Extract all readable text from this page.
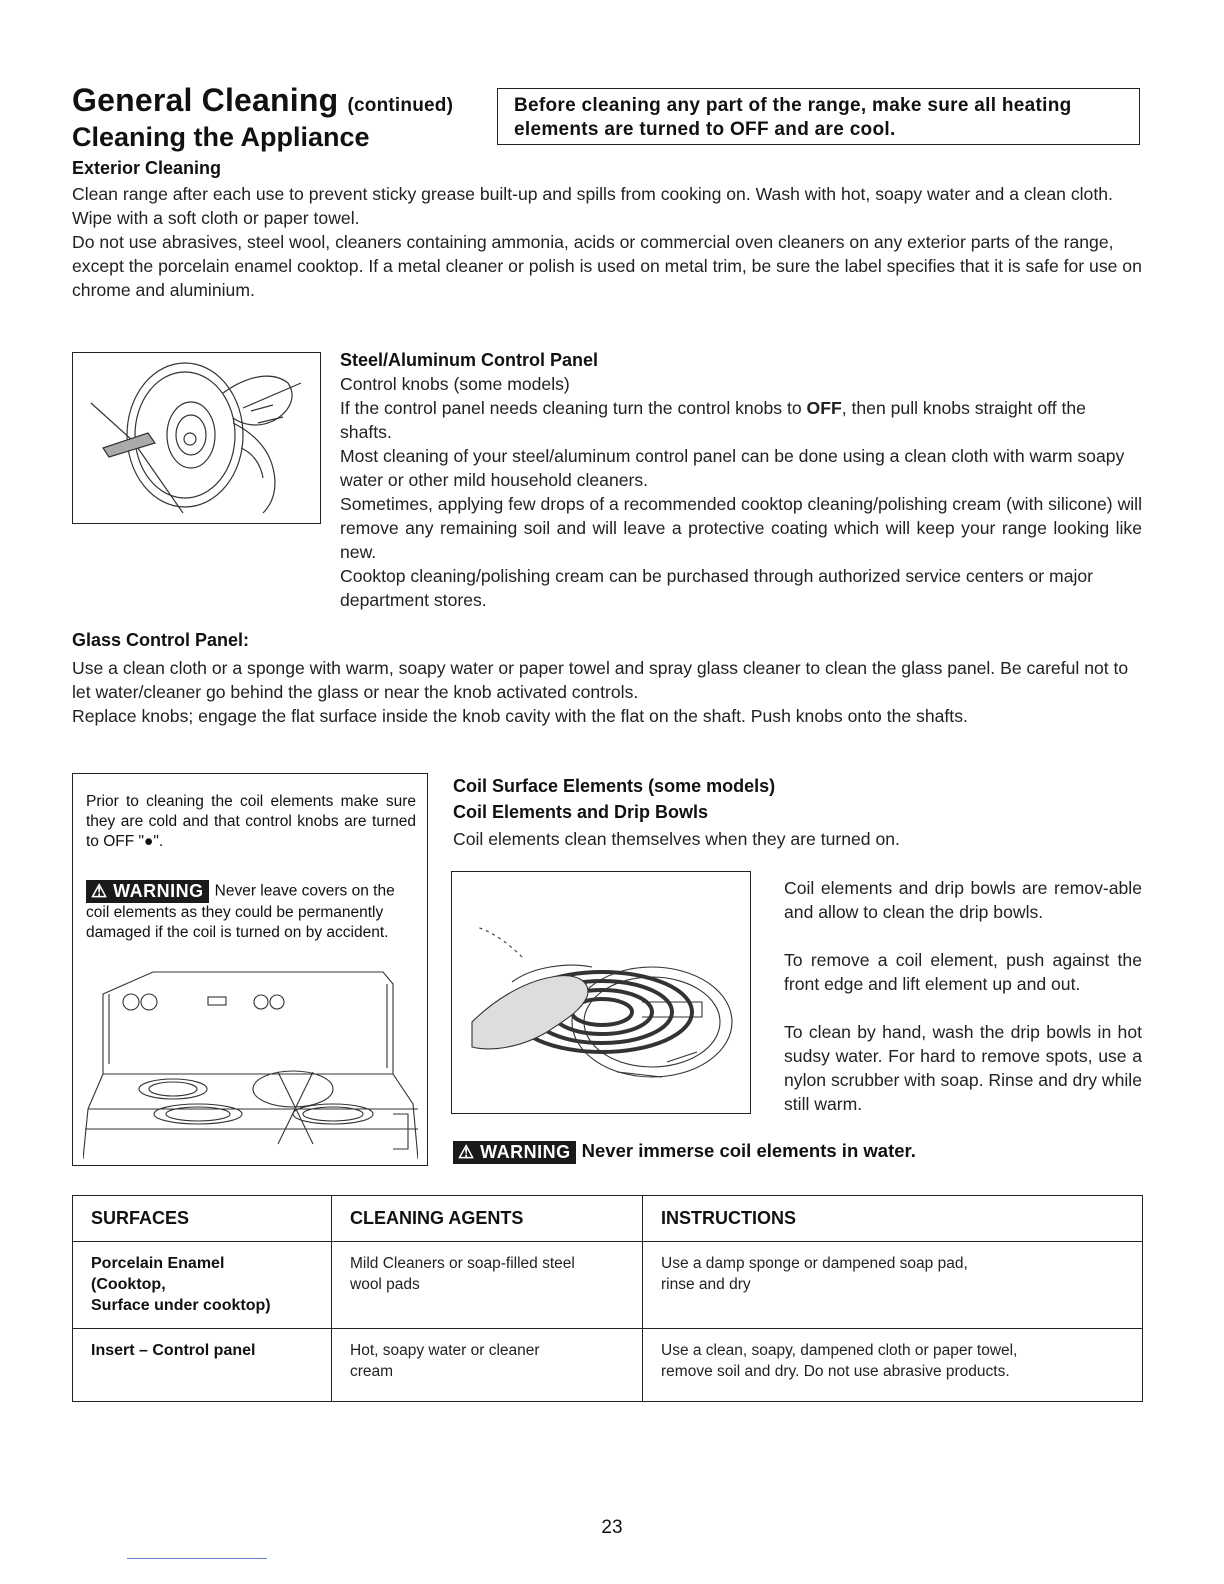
General Cleaning (continued)
Cleaning the Appliance
Before cleaning any part of the range, make sure all heating elements are turned to OFF and are cool.
Exterior Cleaning
Clean range after each use to prevent sticky grease built-up and spills from cooking on. Wash with hot, soapy water and a clean cloth. Wipe with a soft cloth or paper towel.
Do not use abrasives, steel wool, cleaners containing ammonia, acids or commercial oven cleaners on any exterior parts of the range, except the porcelain enamel cooktop. If a metal cleaner or polish is used on metal trim, be sure the label specifies that it is safe for use on chrome and aluminium.
Steel/Aluminum Control Panel
Control knobs (some models)
If the control panel needs cleaning turn the control knobs to OFF, then pull knobs straight off the shafts.
Most cleaning of your steel/aluminum control panel can be done using a clean cloth with warm soapy water or other mild household cleaners.
Sometimes, applying few drops of a recommended cooktop cleaning/polishing cream (with silicone) will remove any remaining soil and will leave a protective coating which will keep your range looking like new.
Cooktop cleaning/polishing cream can be purchased through authorized service centers or major department stores.
Glass Control Panel:
Use a clean cloth or a sponge with warm, soapy water or paper towel and spray glass cleaner to clean the glass panel. Be careful not to let water/cleaner go behind the glass or near the knob activated controls.
Replace knobs; engage the flat surface inside the knob cavity with the flat on the shaft. Push knobs onto the shafts.
Prior to cleaning the coil elements make sure they are cold and that control knobs are turned to OFF "●".
⚠ WARNING Never leave covers on the coil elements as they could be permanently damaged if the coil is turned on by accident.
Coil Surface Elements (some models)
Coil Elements and Drip Bowls
Coil elements clean themselves when they are turned on.
Coil elements and drip bowls are remov-able and allow to clean the drip bowls.
To remove a coil element, push against the front edge and lift element up and out.
To clean by hand, wash the drip bowls in hot sudsy water. For hard to remove spots, use a nylon scrubber with soap. Rinse and dry while still warm.
⚠ WARNING Never immerse coil elements in water.
SURFACES	CLEANING AGENTS	INSTRUCTIONS

Porcelain Enamel
(Cooktop,
Surface under cooktop)	Mild Cleaners or soap-filled steel wool pads	Use a damp sponge or dampened soap pad, rinse and dry
Insert – Control panel	Hot, soapy water or cleaner cream	Use a clean, soapy, dampened cloth or paper towel, remove soil and dry. Do not use abrasive products.
23
